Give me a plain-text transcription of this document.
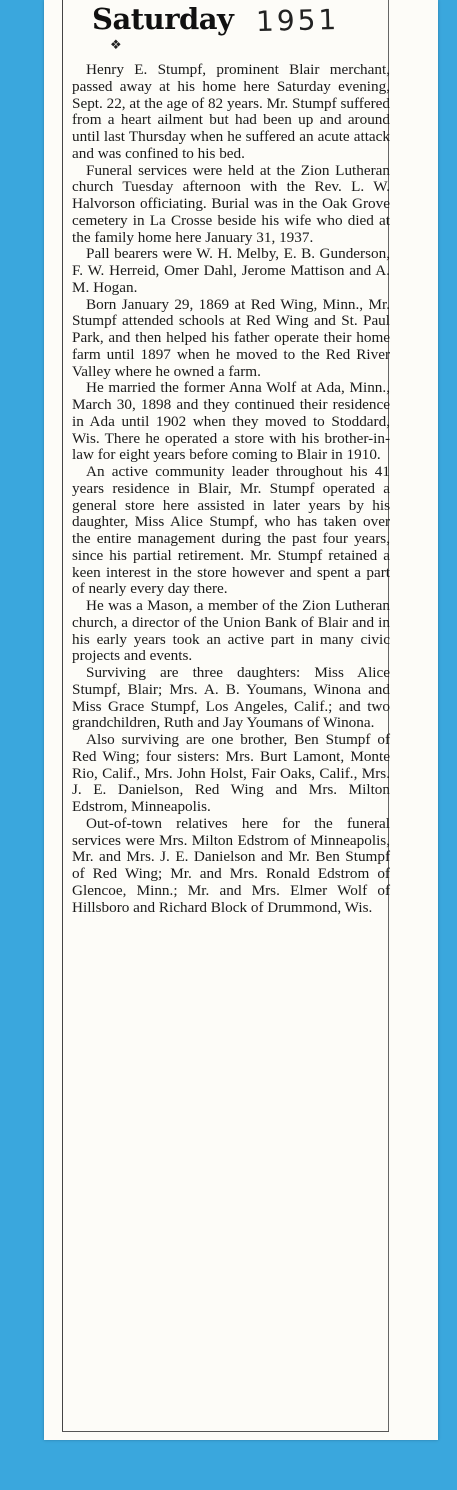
Saturday 1951
❖

Henry E. Stumpf, prominent Blair merchant, passed away at his home here Saturday evening, Sept. 22, at the age of 82 years. Mr. Stumpf suffered from a heart ailment but had been up and around until last Thursday when he suffered an acute attack and was confined to his bed.

Funeral services were held at the Zion Lutheran church Tuesday afternoon with the Rev. L. W. Halvorson officiating. Burial was in the Oak Grove cemetery in La Crosse beside his wife who died at the family home here January 31, 1937.

Pall bearers were W. H. Melby, E. B. Gunderson, F. W. Herreid, Omer Dahl, Jerome Mattison and A. M. Hogan.

Born January 29, 1869 at Red Wing, Minn., Mr. Stumpf attended schools at Red Wing and St. Paul Park, and then helped his father operate their home farm until 1897 when he moved to the Red River Valley where he owned a farm.

He married the former Anna Wolf at Ada, Minn., March 30, 1898 and they continued their residence in Ada until 1902 when they moved to Stoddard, Wis. There he operated a store with his brother-in-law for eight years before coming to Blair in 1910.

An active community leader throughout his 41 years residence in Blair, Mr. Stumpf operated a general store here assisted in later years by his daughter, Miss Alice Stumpf, who has taken over the entire management during the past four years, since his partial retirement. Mr. Stumpf retained a keen interest in the store however and spent a part of nearly every day there.

He was a Mason, a member of the Zion Lutheran church, a director of the Union Bank of Blair and in his early years took an active part in many civic projects and events.

Surviving are three daughters: Miss Alice Stumpf, Blair; Mrs. A. B. Youmans, Winona and Miss Grace Stumpf, Los Angeles, Calif.; and two grandchildren, Ruth and Jay Youmans of Winona.

Also surviving are one brother, Ben Stumpf of Red Wing; four sisters: Mrs. Burt Lamont, Monte Rio, Calif., Mrs. John Holst, Fair Oaks, Calif., Mrs. J. E. Danielson, Red Wing and Mrs. Milton Edstrom, Minneapolis.

Out-of-town relatives here for the funeral services were Mrs. Milton Edstrom of Minneapolis, Mr. and Mrs. J. E. Danielson and Mr. Ben Stumpf of Red Wing; Mr. and Mrs. Ronald Edstrom of Glencoe, Minn.; Mr. and Mrs. Elmer Wolf of Hillsboro and Richard Block of Drummond, Wis.
